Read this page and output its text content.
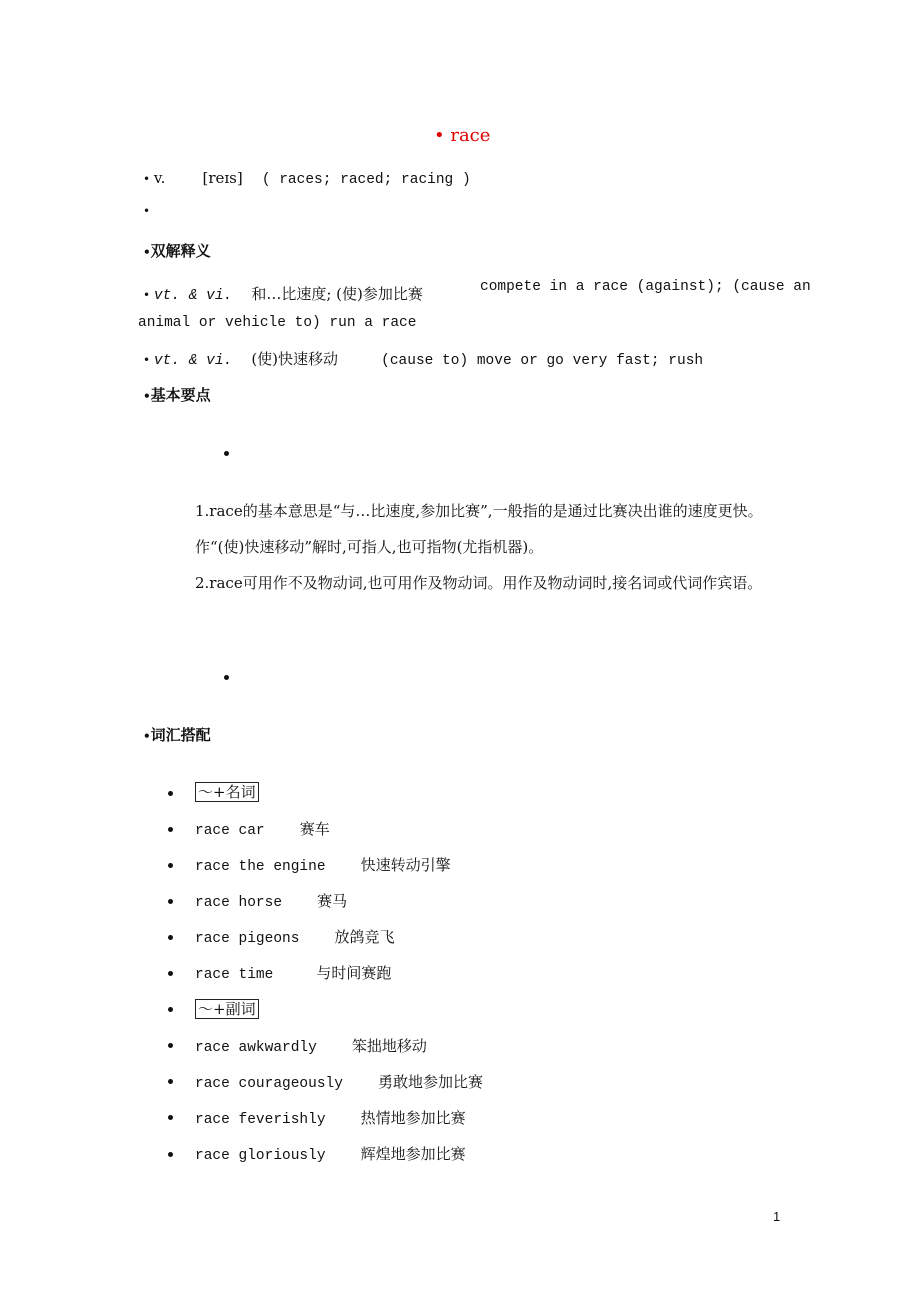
• race
• v. [reɪs] ( races; raced; racing )
•
•双解释义
• vt. & vi. 和…比速度; (使)参加比赛	compete in a race (against); (cause an
animal or vehicle to) run a race
• vt. & vi. (使)快速移动	(cause to) move or go very fast; rush
•基本要点
1.race的基本意思是“与…比速度,参加比赛”,一般指的是通过比赛决出谁的速度更快。作“(使)快速移动”解时,可指人,也可指物(尤指机器)。
2.race可用作不及物动词,也可用作及物动词。用作及物动词时,接名词或代词作宾语。
•词汇搭配
～+名词
race car 赛车
race the engine 快速转动引擎
race horse 赛马
race pigeons 放鸽竞飞
race time	与时间赛跑
～+副词
race awkwardly 笨拙地移动
race courageously 勇敢地参加比赛
race feverishly 热情地参加比赛
race gloriously 辉煌地参加比赛
1
